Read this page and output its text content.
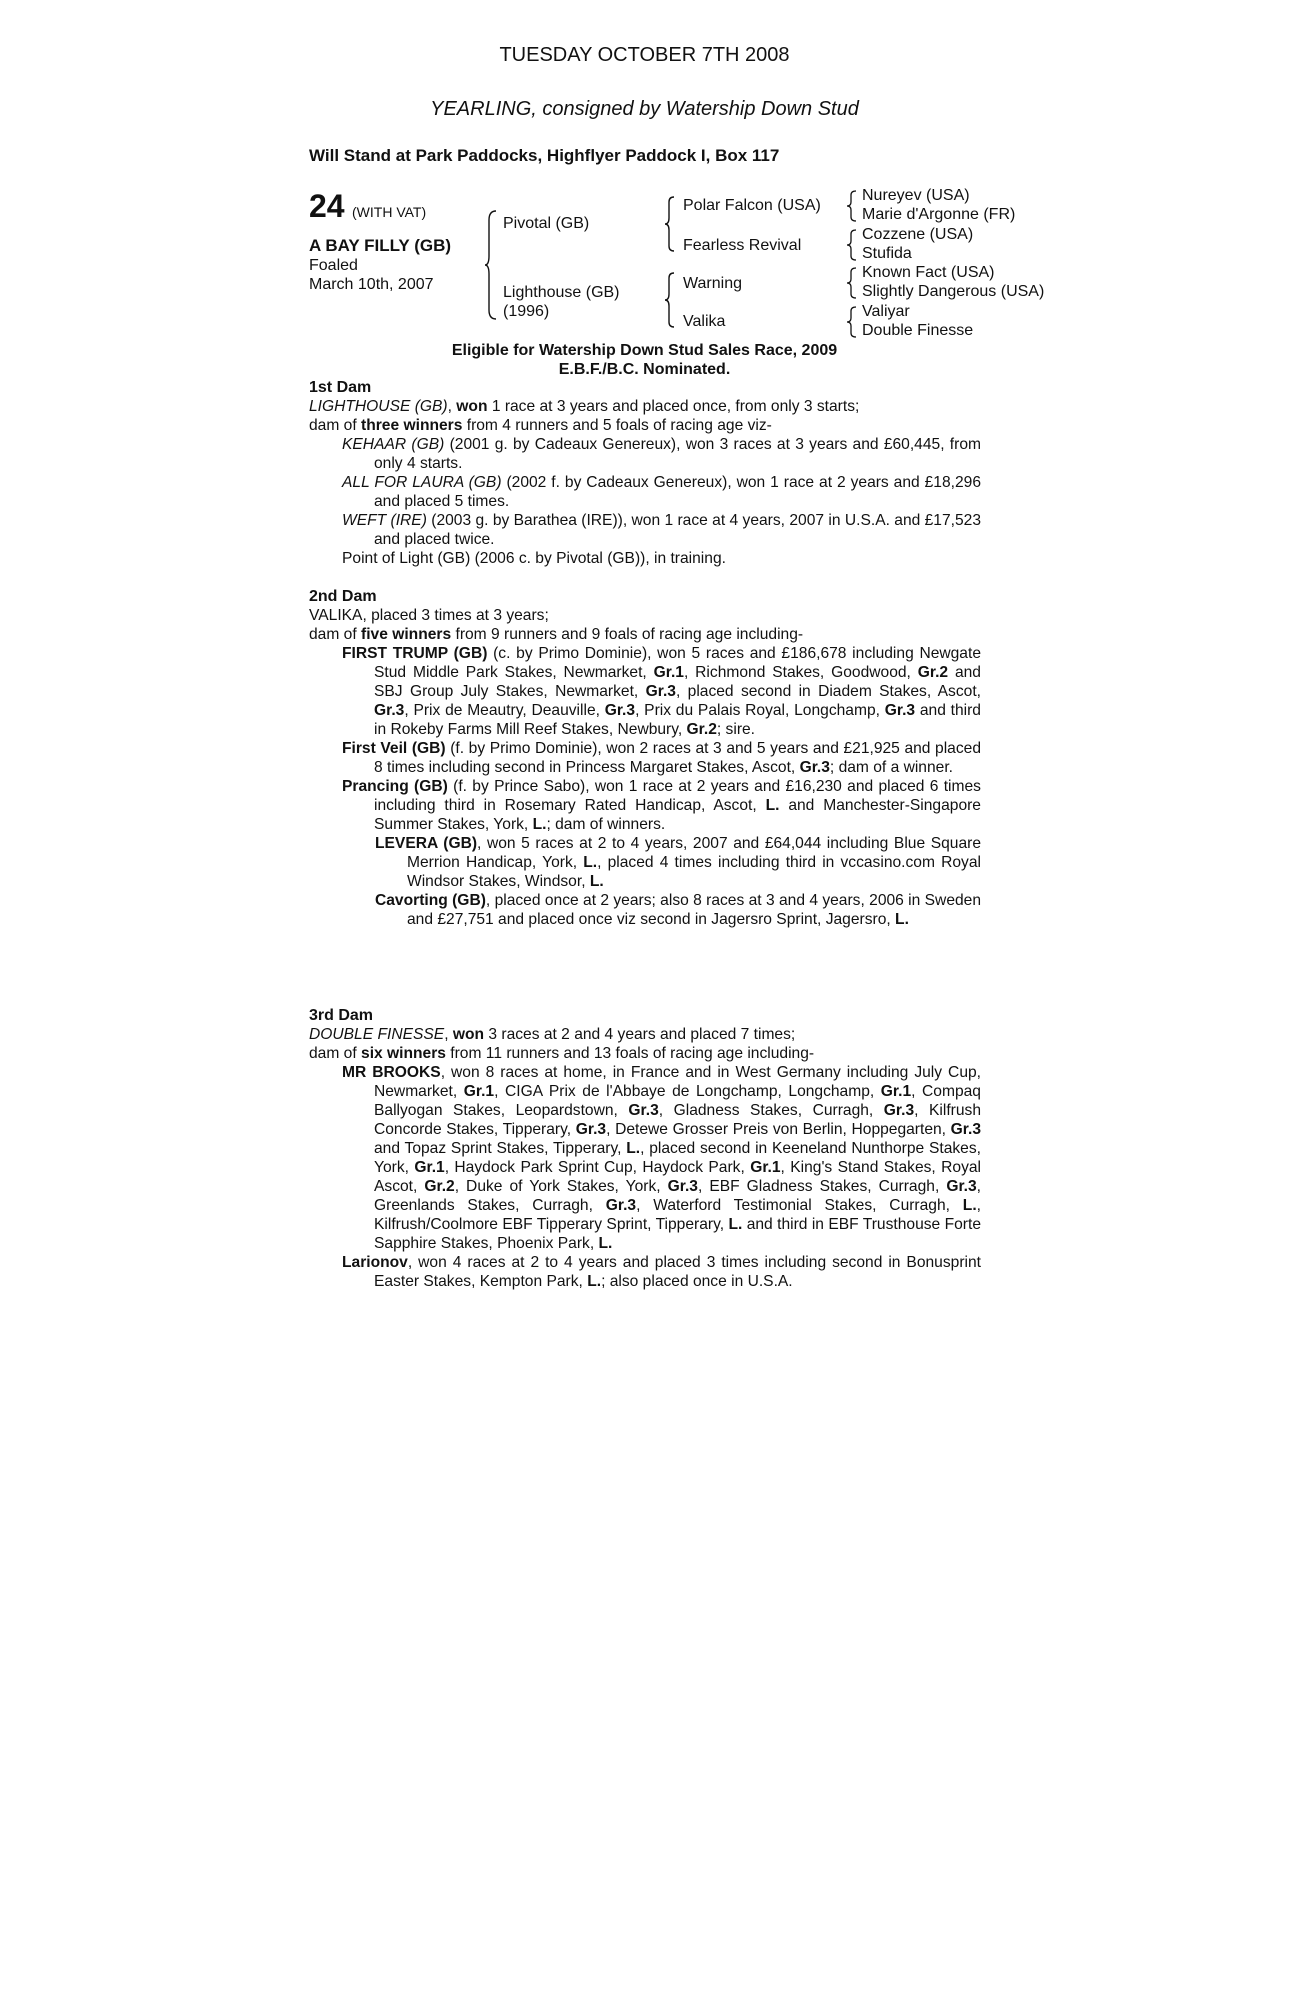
TUESDAY OCTOBER 7TH 2008
YEARLING, consigned by Watership Down Stud
Will Stand at Park Paddocks, Highflyer Paddock I, Box 117
24 (WITH VAT)
A BAY FILLY (GB)
Foaled
March 10th, 2007
Pivotal (GB)
Lighthouse (GB)
(1996)
Polar Falcon (USA)
Fearless Revival
Warning
Valika
Nureyev (USA)
Marie d'Argonne (FR)
Cozzene (USA)
Stufida
Known Fact (USA)
Slightly Dangerous (USA)
Valiyar
Double Finesse
Eligible for Watership Down Stud Sales Race, 2009
E.B.F./B.C. Nominated.

1st Dam

LIGHTHOUSE (GB), won 1 race at 3 years and placed once, from only 3 starts;

dam of three winners from 4 runners and 5 foals of racing age viz-

KEHAAR (GB) (2001 g. by Cadeaux Genereux), won 3 races at 3 years and £60,445, from only 4 starts.

ALL FOR LAURA (GB) (2002 f. by Cadeaux Genereux), won 1 race at 2 years and £18,296 and placed 5 times.

WEFT (IRE) (2003 g. by Barathea (IRE)), won 1 race at 4 years, 2007 in U.S.A. and £17,523 and placed twice.

Point of Light (GB) (2006 c. by Pivotal (GB)), in training.

2nd Dam

VALIKA, placed 3 times at 3 years;

dam of five winners from 9 runners and 9 foals of racing age including-

FIRST TRUMP (GB) (c. by Primo Dominie), won 5 races and £186,678 including Newgate Stud Middle Park Stakes, Newmarket, Gr.1, Richmond Stakes, Goodwood, Gr.2 and SBJ Group July Stakes, Newmarket, Gr.3, placed second in Diadem Stakes, Ascot, Gr.3, Prix de Meautry, Deauville, Gr.3, Prix du Palais Royal, Longchamp, Gr.3 and third in Rokeby Farms Mill Reef Stakes, Newbury, Gr.2; sire.

First Veil (GB) (f. by Primo Dominie), won 2 races at 3 and 5 years and £21,925 and placed 8 times including second in Princess Margaret Stakes, Ascot, Gr.3; dam of a winner.

Prancing (GB) (f. by Prince Sabo), won 1 race at 2 years and £16,230 and placed 6 times including third in Rosemary Rated Handicap, Ascot, L. and Manchester-Singapore Summer Stakes, York, L.; dam of winners.

LEVERA (GB), won 5 races at 2 to 4 years, 2007 and £64,044 including Blue Square Merrion Handicap, York, L., placed 4 times including third in vccasino.com Royal Windsor Stakes, Windsor, L.

Cavorting (GB), placed once at 2 years; also 8 races at 3 and 4 years, 2006 in Sweden and £27,751 and placed once viz second in Jagersro Sprint, Jagersro, L.

3rd Dam

DOUBLE FINESSE, won 3 races at 2 and 4 years and placed 7 times;

dam of six winners from 11 runners and 13 foals of racing age including-

MR BROOKS, won 8 races at home, in France and in West Germany including July Cup, Newmarket, Gr.1, CIGA Prix de l'Abbaye de Longchamp, Longchamp, Gr.1, Compaq Ballyogan Stakes, Leopardstown, Gr.3, Gladness Stakes, Curragh, Gr.3, Kilfrush Concorde Stakes, Tipperary, Gr.3, Detewe Grosser Preis von Berlin, Hoppegarten, Gr.3 and Topaz Sprint Stakes, Tipperary, L., placed second in Keeneland Nunthorpe Stakes, York, Gr.1, Haydock Park Sprint Cup, Haydock Park, Gr.1, King's Stand Stakes, Royal Ascot, Gr.2, Duke of York Stakes, York, Gr.3, EBF Gladness Stakes, Curragh, Gr.3, Greenlands Stakes, Curragh, Gr.3, Waterford Testimonial Stakes, Curragh, L., Kilfrush/Coolmore EBF Tipperary Sprint, Tipperary, L. and third in EBF Trusthouse Forte Sapphire Stakes, Phoenix Park, L.

Larionov, won 4 races at 2 to 4 years and placed 3 times including second in Bonusprint Easter Stakes, Kempton Park, L.; also placed once in U.S.A.
